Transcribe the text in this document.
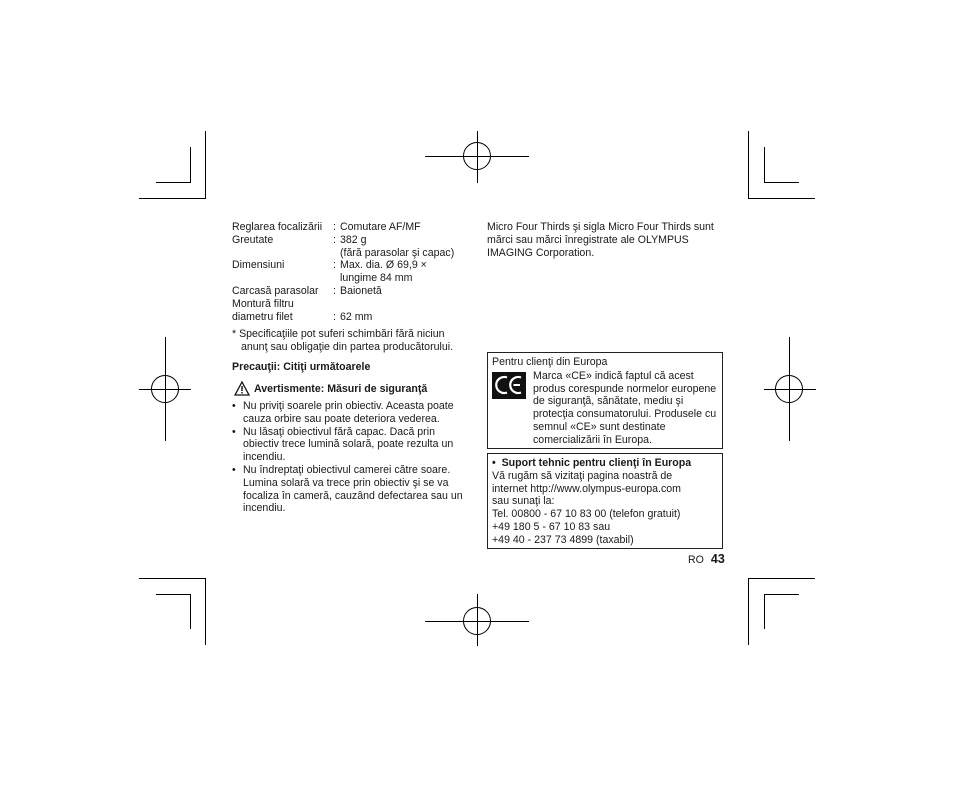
Reglarea focalizării	: Comutare AF/MF
Greutate	: 382 g
(fără parasolar şi capac)
Dimensiuni	: Max. dia. Ø 69,9 ×
lungime 84 mm
Carcasă parasolar	: Baionetă
Montură filtru
diametru filet	: 62 mm
* Specificaţiile pot suferi schimbări fără niciun
anunţ sau obligaţie din partea producătorului.
Precauţii: Citiţi următoarele
Avertismente: Măsuri de siguranţă
• Nu priviţi soarele prin obiectiv. Aceasta poate cauza orbire sau poate deteriora vederea.
• Nu lăsaţi obiectivul fără capac. Dacă prin obiectiv trece lumină solară, poate rezulta un incendiu.
• Nu îndreptaţi obiectivul camerei către soare. Lumina solară va trece prin obiectiv şi se va focaliza în cameră, cauzând defectarea sau un incendiu.
Micro Four Thirds şi sigla Micro Four Thirds sunt mărci sau mărci înregistrate ale OLYMPUS IMAGING Corporation.
Pentru clienţi din Europa
Marca «CE» indică faptul că acest produs corespunde normelor europene de siguranţă, sănătate, mediu şi protecţia consumatorului. Produsele cu semnul «CE» sunt destinate comercializării în Europa.
• Suport tehnic pentru clienţi în Europa
Vă rugăm să vizitaţi pagina noastră de
internet http://www.olympus-europa.com
sau sunaţi la:
Tel. 00800 - 67 10 83 00 (telefon gratuit)
+49 180 5 - 67 10 83 sau
+49 40 - 237 73 4899 (taxabil)
RO 43
